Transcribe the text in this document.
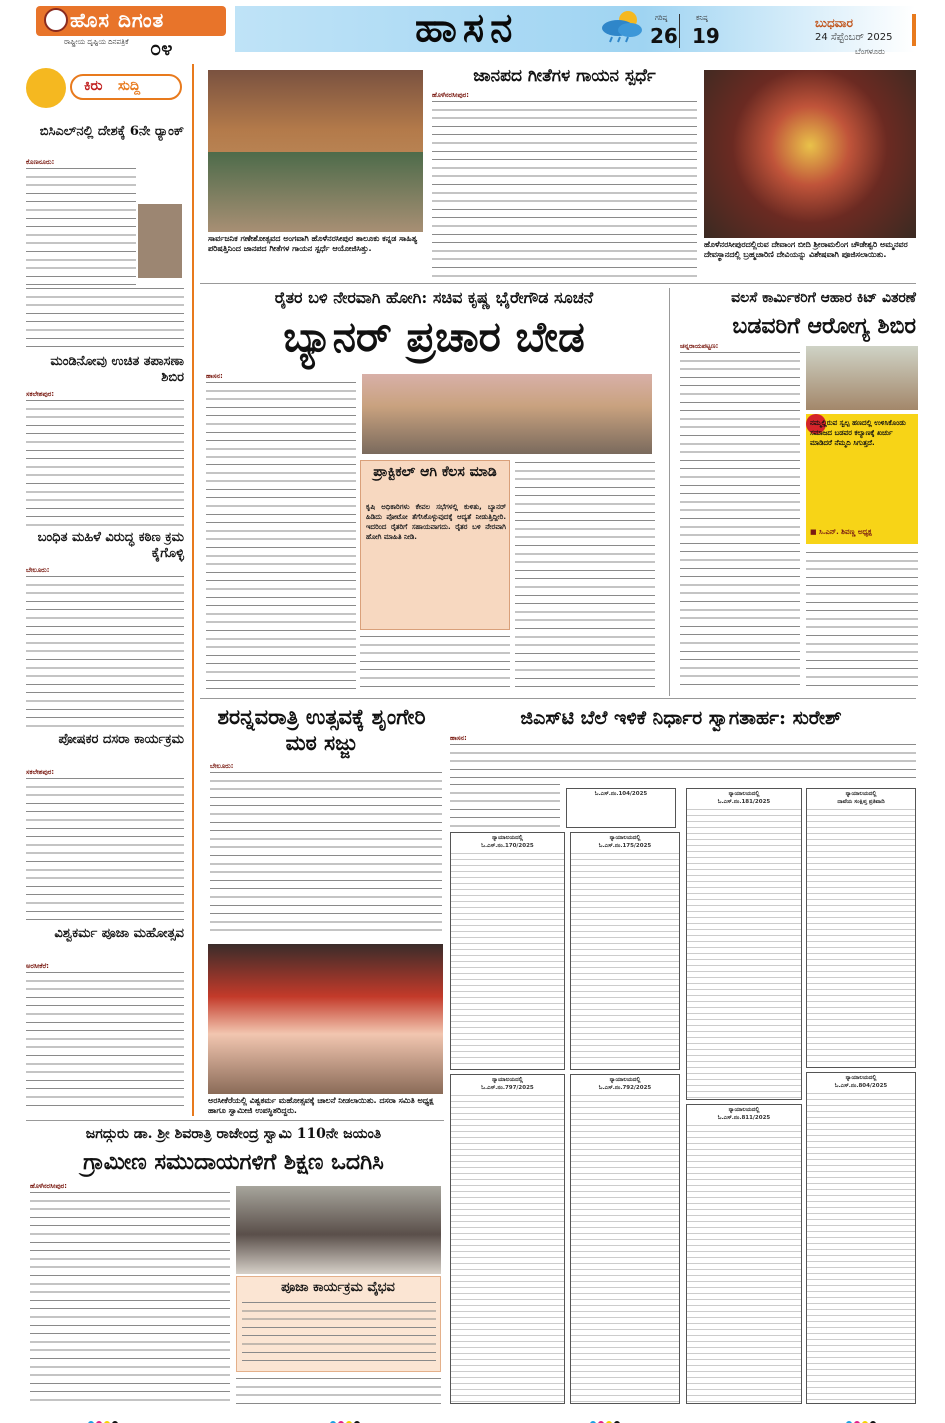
ಹೊಸ ದಿಗಂತ
ರಾಷ್ಟ್ರೀಯ ದೃಷ್ಟಿಯ ದಿನಪತ್ರಿಕೆ ೦೪	ಹಾಸನ	ಗರಿಷ್ಠ
26
ಕನಿಷ್ಠ
19
ಬುಧವಾರ
24 ಸೆಪ್ಟೆಂಬರ್ 2025
ಬೆಂಗಳೂರು
ಕಿರು ಸುದ್ದಿ
ಬಿಸಿಎಲ್‌ನಲ್ಲಿ ದೇಶಕ್ಕೆ 6ನೇ ರ‍್ಯಾಂಕ್
ಕೊಣನೂರು:
ಮಂಡಿನೋವು ಉಚಿತ ತಪಾಸಣಾ ಶಿಬಿರ
ಸಕಲೇಶಪುರ:
ಬಂಧಿತ ಮಹಿಳೆ ವಿರುದ್ಧ ಕಠಿಣ ಕ್ರಮ ಕೈಗೊಳ್ಳಿ
ಬೇಲೂರು:
ಪೋಷಕರ ದಸರಾ ಕಾರ್ಯಕ್ರಮ
ಸಕಲೇಶಪುರ:
ವಿಶ್ವಕರ್ಮ ಪೂಜಾ ಮಹೋತ್ಸವ
ಅರಸೀಕೆರೆ:
ಸಾರ್ವಜನಿಕ ಗಣೇಶೋತ್ಸವದ ಅಂಗವಾಗಿ ಹೊಳೆನರಸೀಪುರ ತಾಲೂಕು ಕನ್ನಡ ಸಾಹಿತ್ಯ ಪರಿಷತ್ತಿನಿಂದ ಜಾನಪದ ಗೀತೆಗಳ ಗಾಯನ ಸ್ಪರ್ಧೆ ಆಯೋಜಿಸಿತ್ತು.
ಜಾನಪದ ಗೀತೆಗಳ ಗಾಯನ ಸ್ಪರ್ಧೆ
ಹೊಳೆನರಸೀಪುರ:
ಹೊಳೆನರಸೀಪುರದಲ್ಲಿರುವ ದೇವಾಂಗ ಬೀದಿ ಶ್ರೀರಾಮಲಿಂಗ ಚೌಡೇಶ್ವರಿ ಅಮ್ಮನವರ ದೇವಸ್ಥಾನದಲ್ಲಿ ಬ್ರಹ್ಮಚಾರಿಣಿ ದೇವಿಯನ್ನು ವಿಶೇಷವಾಗಿ ಪೂಜಿಸಲಾಯಿತು.
ರೈತರ ಬಳಿ ನೇರವಾಗಿ ಹೋಗಿ: ಸಚಿವ ಕೃಷ್ಣ ಭೈರೇಗೌಡ ಸೂಚನೆ
ಬ್ಯಾನರ್ ಪ್ರಚಾರ ಬೇಡ
ಹಾಸನ:
ಪ್ರಾಕ್ಟಿಕಲ್ ಆಗಿ ಕೆಲಸ ಮಾಡಿ
ಕೃಷಿ ಅಧಿಕಾರಿಗಳು ಕೇವಲ ಸಭೆಗಳಲ್ಲಿ ಕುಳಿತು, ಬ್ಯಾನರ್ ಹಿಡಿದು ಪೋಟೋ ತೆಗೆಸಿಕೊಳ್ಳುವುದಕ್ಕೆ ಆದ್ಯತೆ ನೀಡುತ್ತಿದ್ದೀರಿ. ಇದರಿಂದ ರೈತರಿಗೆ ಸಹಾಯವಾಗದು. ರೈತರ ಬಳಿ ನೇರವಾಗಿ ಹೋಗಿ ಮಾಹಿತಿ ನೀಡಿ.
ವಲಸೆ ಕಾರ್ಮಿಕರಿಗೆ ಆಹಾರ ಕಿಟ್ ವಿತರಣೆ
ಬಡವರಿಗೆ ಆರೋಗ್ಯ ಶಿಬಿರ
ಚನ್ನರಾಯಪಟ್ಟಣ:
ನಮ್ಮಲ್ಲಿರುವ ಸ್ವಲ್ಪ ಹಣದಲ್ಲಿ ಉಳಿಸಿಕೊಂಡು ಸಮಾಜದ ಬಡವರ ಕಲ್ಯಾಣಕ್ಕೆ ಖರ್ಚು ಮಾಡಿದರೆ ನೆಮ್ಮದಿ ಸಿಗುತ್ತದೆ.
■ ಸಿ.ಎನ್. ಶಿವಣ್ಣ ಅಧ್ಯಕ್ಷ
ಶರನ್ನವರಾತ್ರಿ ಉತ್ಸವಕ್ಕೆ ಶೃಂಗೇರಿ ಮಠ ಸಜ್ಜು
ಬೇಲೂರು:
ಅರಸೀಕೆರೆಯಲ್ಲಿ ವಿಶ್ವಕರ್ಮ ಮಹೋತ್ಸವಕ್ಕೆ ಚಾಲನೆ ನೀಡಲಾಯಿತು. ದಸರಾ ಸಮಿತಿ ಅಧ್ಯಕ್ಷ ಹಾಗೂ ಸ್ವಾಮೀಜಿ ಉಪಸ್ಥಿತರಿದ್ದರು.
ಜಿಎಸ್‌ಟಿ ಬೆಲೆ ಇಳಿಕೆ ನಿರ್ಧಾರ ಸ್ವಾಗತಾರ್ಹ: ಸುರೇಶ್
ಹಾಸನ:
ಓ.ಎಸ್.ನಂ.104/2025
ನ್ಯಾಯಾಲಯದಲ್ಲಿ
ಓ.ಎಸ್.ನಂ.170/2025
ನ್ಯಾಯಾಲಯದಲ್ಲಿ
ಓ.ಎಸ್.ನಂ.175/2025
ನ್ಯಾಯಾಲಯದಲ್ಲಿ
ಓ.ಎಸ್.ನಂ.181/2025
ನ್ಯಾಯಾಲಯದಲ್ಲಿ
ದಾವೆಯ ಸಂಕ್ಷಿಪ್ತ ಪ್ರತಿವಾದಿ
ನ್ಯಾಯಾಲಯದಲ್ಲಿ
ಓ.ಎಸ್.ನಂ.797/2025
ನ್ಯಾಯಾಲಯದಲ್ಲಿ
ಓ.ಎಸ್.ನಂ.792/2025
ನ್ಯಾಯಾಲಯದಲ್ಲಿ
ಓ.ಎಸ್.ನಂ.811/2025
ನ್ಯಾಯಾಲಯದಲ್ಲಿ
ಓ.ಎಸ್.ನಂ.804/2025
ಜಗದ್ಗುರು ಡಾ. ಶ್ರೀ ಶಿವರಾತ್ರಿ ರಾಜೇಂದ್ರ ಸ್ವಾಮಿ 110ನೇ ಜಯಂತಿ
ಗ್ರಾಮೀಣ ಸಮುದಾಯಗಳಿಗೆ ಶಿಕ್ಷಣ ಒದಗಿಸಿ
ಹೊಳೆನರಸೀಪುರ:
ಪೂಜಾ ಕಾರ್ಯಕ್ರಮ ವೈಭವ
